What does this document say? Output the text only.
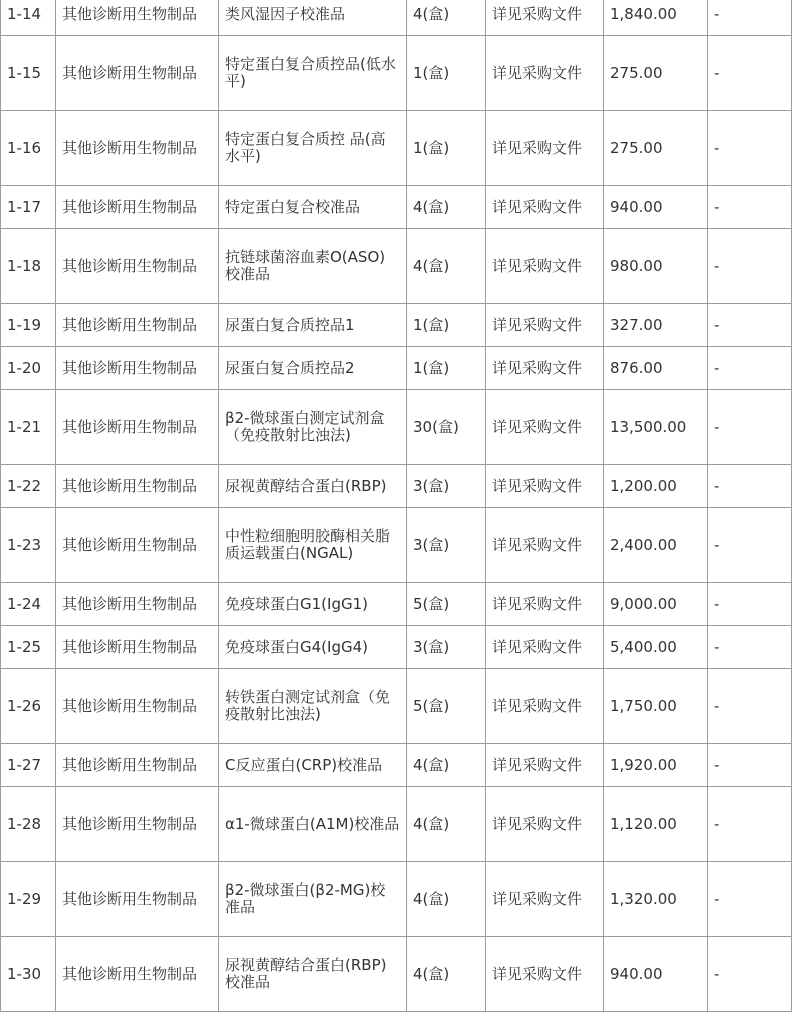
1-14	其他诊断用生物制品	类风湿因子校准品	4(盒)	详见采购文件	1,840.00	-
1-15	其他诊断用生物制品	特定蛋白复合质控品(低水平)	1(盒)	详见采购文件	275.00	-
1-16	其他诊断用生物制品	特定蛋白复合质控 品(高水平)	1(盒)	详见采购文件	275.00	-
1-17	其他诊断用生物制品	特定蛋白复合校准品	4(盒)	详见采购文件	940.00	-
1-18	其他诊断用生物制品	抗链球菌溶血素O(ASO)校准品	4(盒)	详见采购文件	980.00	-
1-19	其他诊断用生物制品	尿蛋白复合质控品1	1(盒)	详见采购文件	327.00	-
1-20	其他诊断用生物制品	尿蛋白复合质控品2	1(盒)	详见采购文件	876.00	-
1-21	其他诊断用生物制品	β2-微球蛋白测定试剂盒（免疫散射比浊法)	30(盒)	详见采购文件	13,500.00	-
1-22	其他诊断用生物制品	尿视黄醇结合蛋白(RBP)	3(盒)	详见采购文件	1,200.00	-
1-23	其他诊断用生物制品	中性粒细胞明胶酶相关脂质运载蛋白(NGAL)	3(盒)	详见采购文件	2,400.00	-
1-24	其他诊断用生物制品	免疫球蛋白G1(IgG1)	5(盒)	详见采购文件	9,000.00	-
1-25	其他诊断用生物制品	免疫球蛋白G4(IgG4)	3(盒)	详见采购文件	5,400.00	-
1-26	其他诊断用生物制品	转铁蛋白测定试剂盒（免疫散射比浊法)	5(盒)	详见采购文件	1,750.00	-
1-27	其他诊断用生物制品	C反应蛋白(CRP)校准品	4(盒)	详见采购文件	1,920.00	-
1-28	其他诊断用生物制品	α1-微球蛋白(A1M)校准品	4(盒)	详见采购文件	1,120.00	-
1-29	其他诊断用生物制品	β2-微球蛋白(β2-MG)校准品	4(盒)	详见采购文件	1,320.00	-
1-30	其他诊断用生物制品	尿视黄醇结合蛋白(RBP)校准品	4(盒)	详见采购文件	940.00	-
